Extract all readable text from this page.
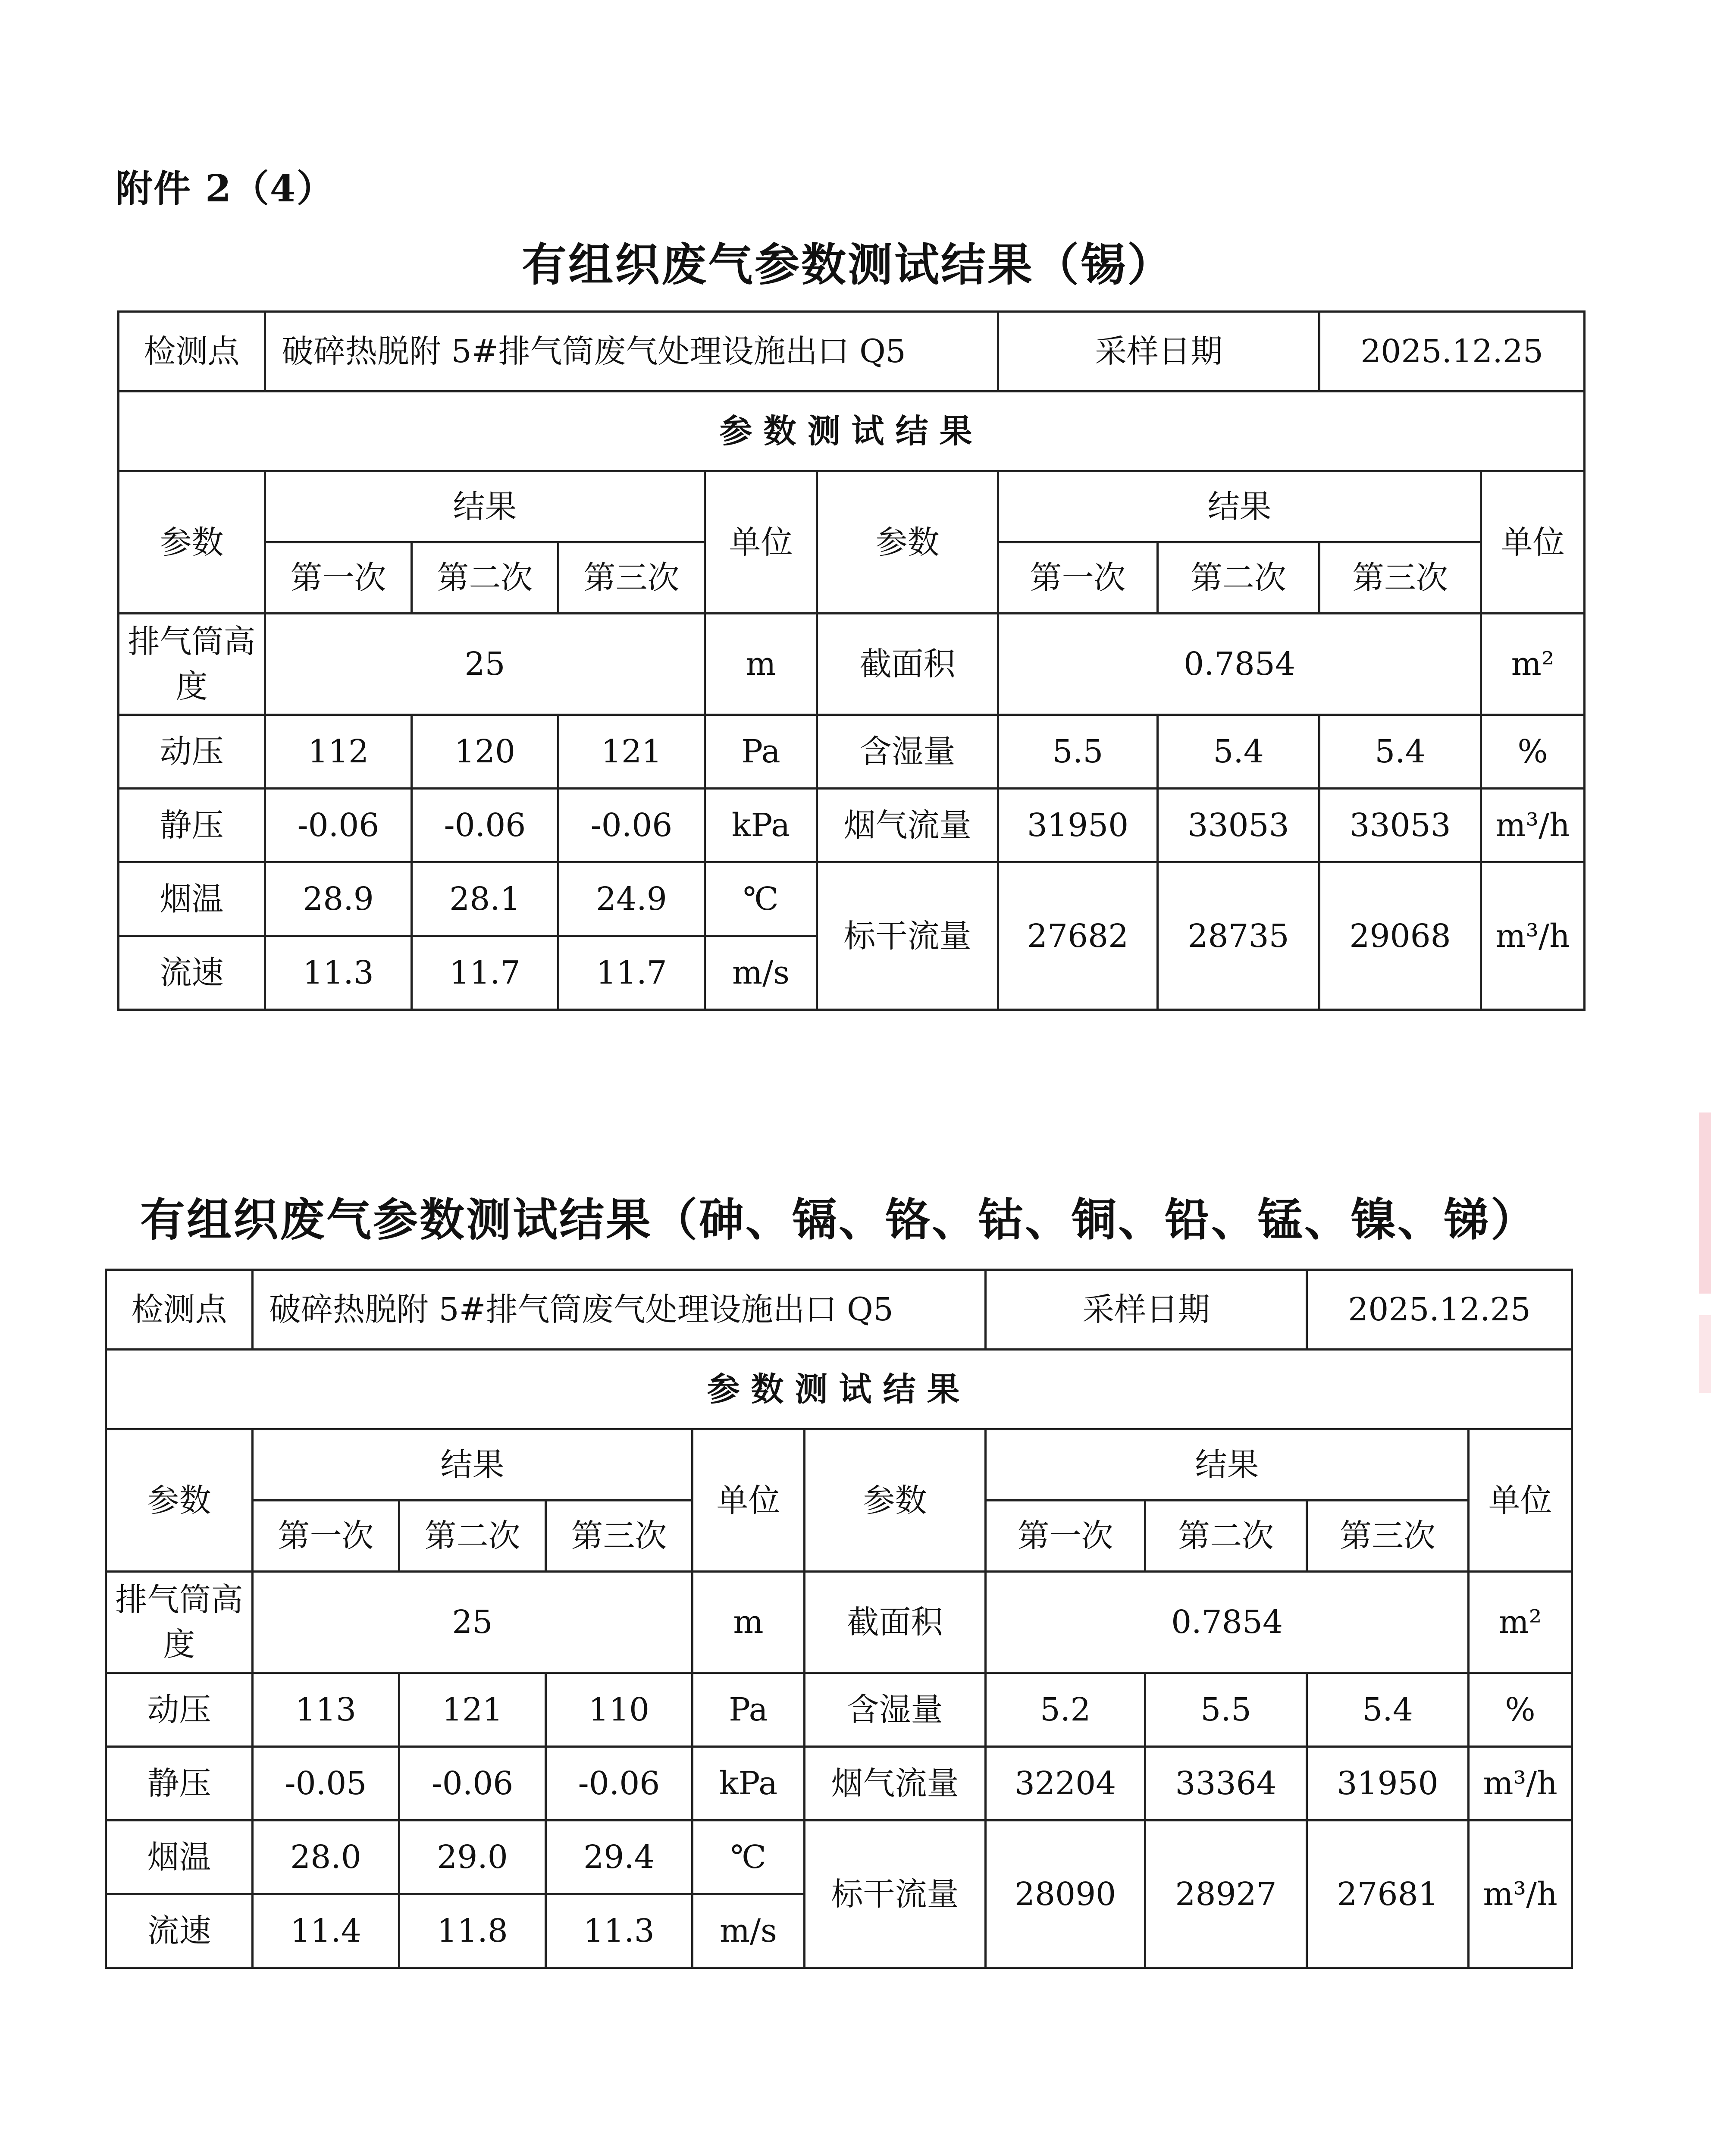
附件 2（4）
有组织废气参数测试结果（锡）
检测点	破碎热脱附 5#排气筒废气处理设施出口 Q5					采样日期		2025.12.25	
参数测试结果									
参数	结果			单位	参数	结果			单位
	第一次	第二次	第三次			第一次	第二次	第三次	
排气筒高度	25			m	截面积	0.7854			m²
动压	112	120	121	Pa	含湿量	5.5	5.4	5.4	%
静压	-0.06	-0.06	-0.06	kPa	烟气流量	31950	33053	33053	m³/h
烟温	28.9	28.1	24.9	℃	标干流量	27682	28735	29068	m³/h
流速	11.3	11.7	11.7	m/s					
有组织废气参数测试结果（砷、镉、铬、钴、铜、铅、锰、镍、锑）
检测点	破碎热脱附 5#排气筒废气处理设施出口 Q5					采样日期		2025.12.25	
参数测试结果									
参数	结果			单位	参数	结果			单位
	第一次	第二次	第三次			第一次	第二次	第三次	
排气筒高度	25			m	截面积	0.7854			m²
动压	113	121	110	Pa	含湿量	5.2	5.5	5.4	%
静压	-0.05	-0.06	-0.06	kPa	烟气流量	32204	33364	31950	m³/h
烟温	28.0	29.0	29.4	℃	标干流量	28090	28927	27681	m³/h
流速	11.4	11.8	11.3	m/s					
